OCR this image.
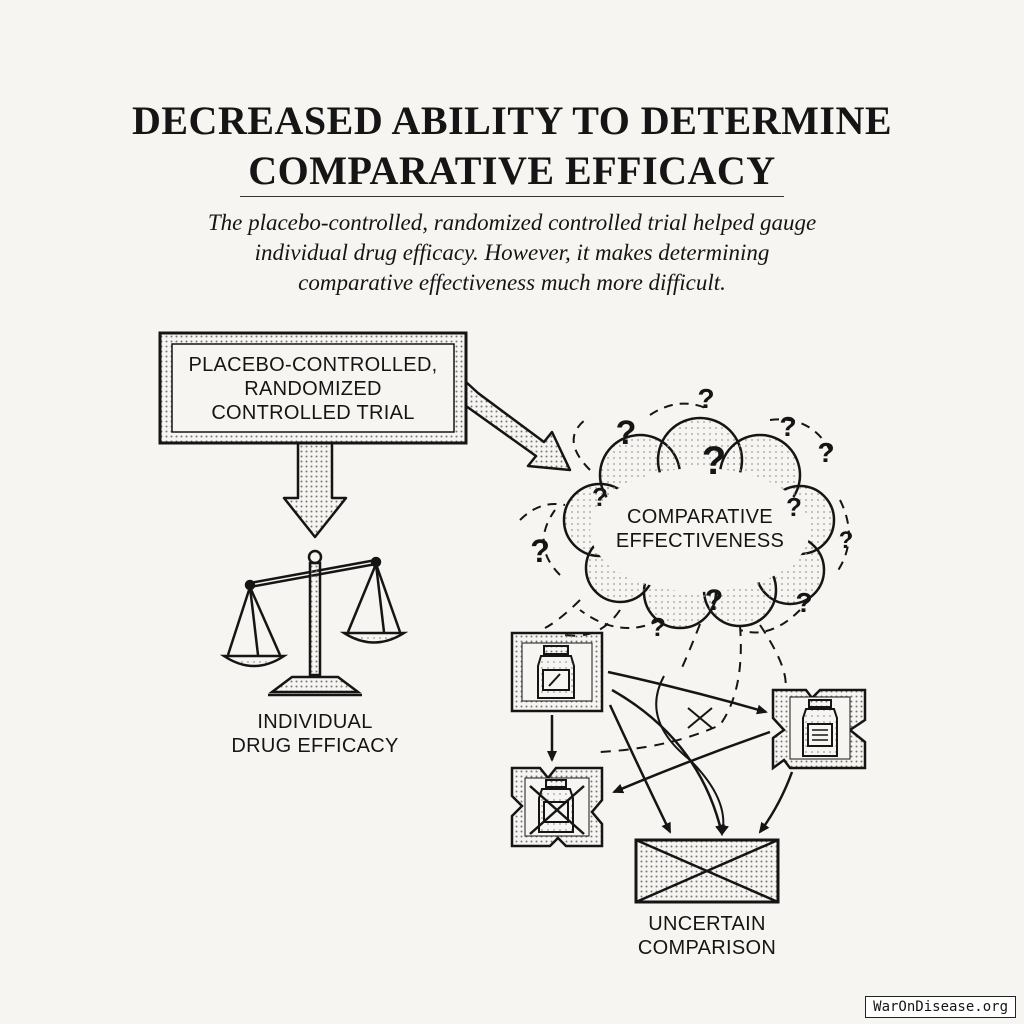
DECREASED ABILITY TO DETERMINE
COMPARATIVE EFFICACY

The placebo-controlled, randomized controlled trial helped gauge
individual drug efficacy. However, it makes determining
comparative effectiveness much more difficult.

?
?	?
?	?
?	?
?	?
?	?
?
PLACEBO-CONTROLLED,
RANDOMIZED
CONTROLLED TRIAL
COMPARATIVE
EFFECTIVENESS
INDIVIDUAL
DRUG EFFICACY
UNCERTAIN
COMPARISON
WarOnDisease.org
